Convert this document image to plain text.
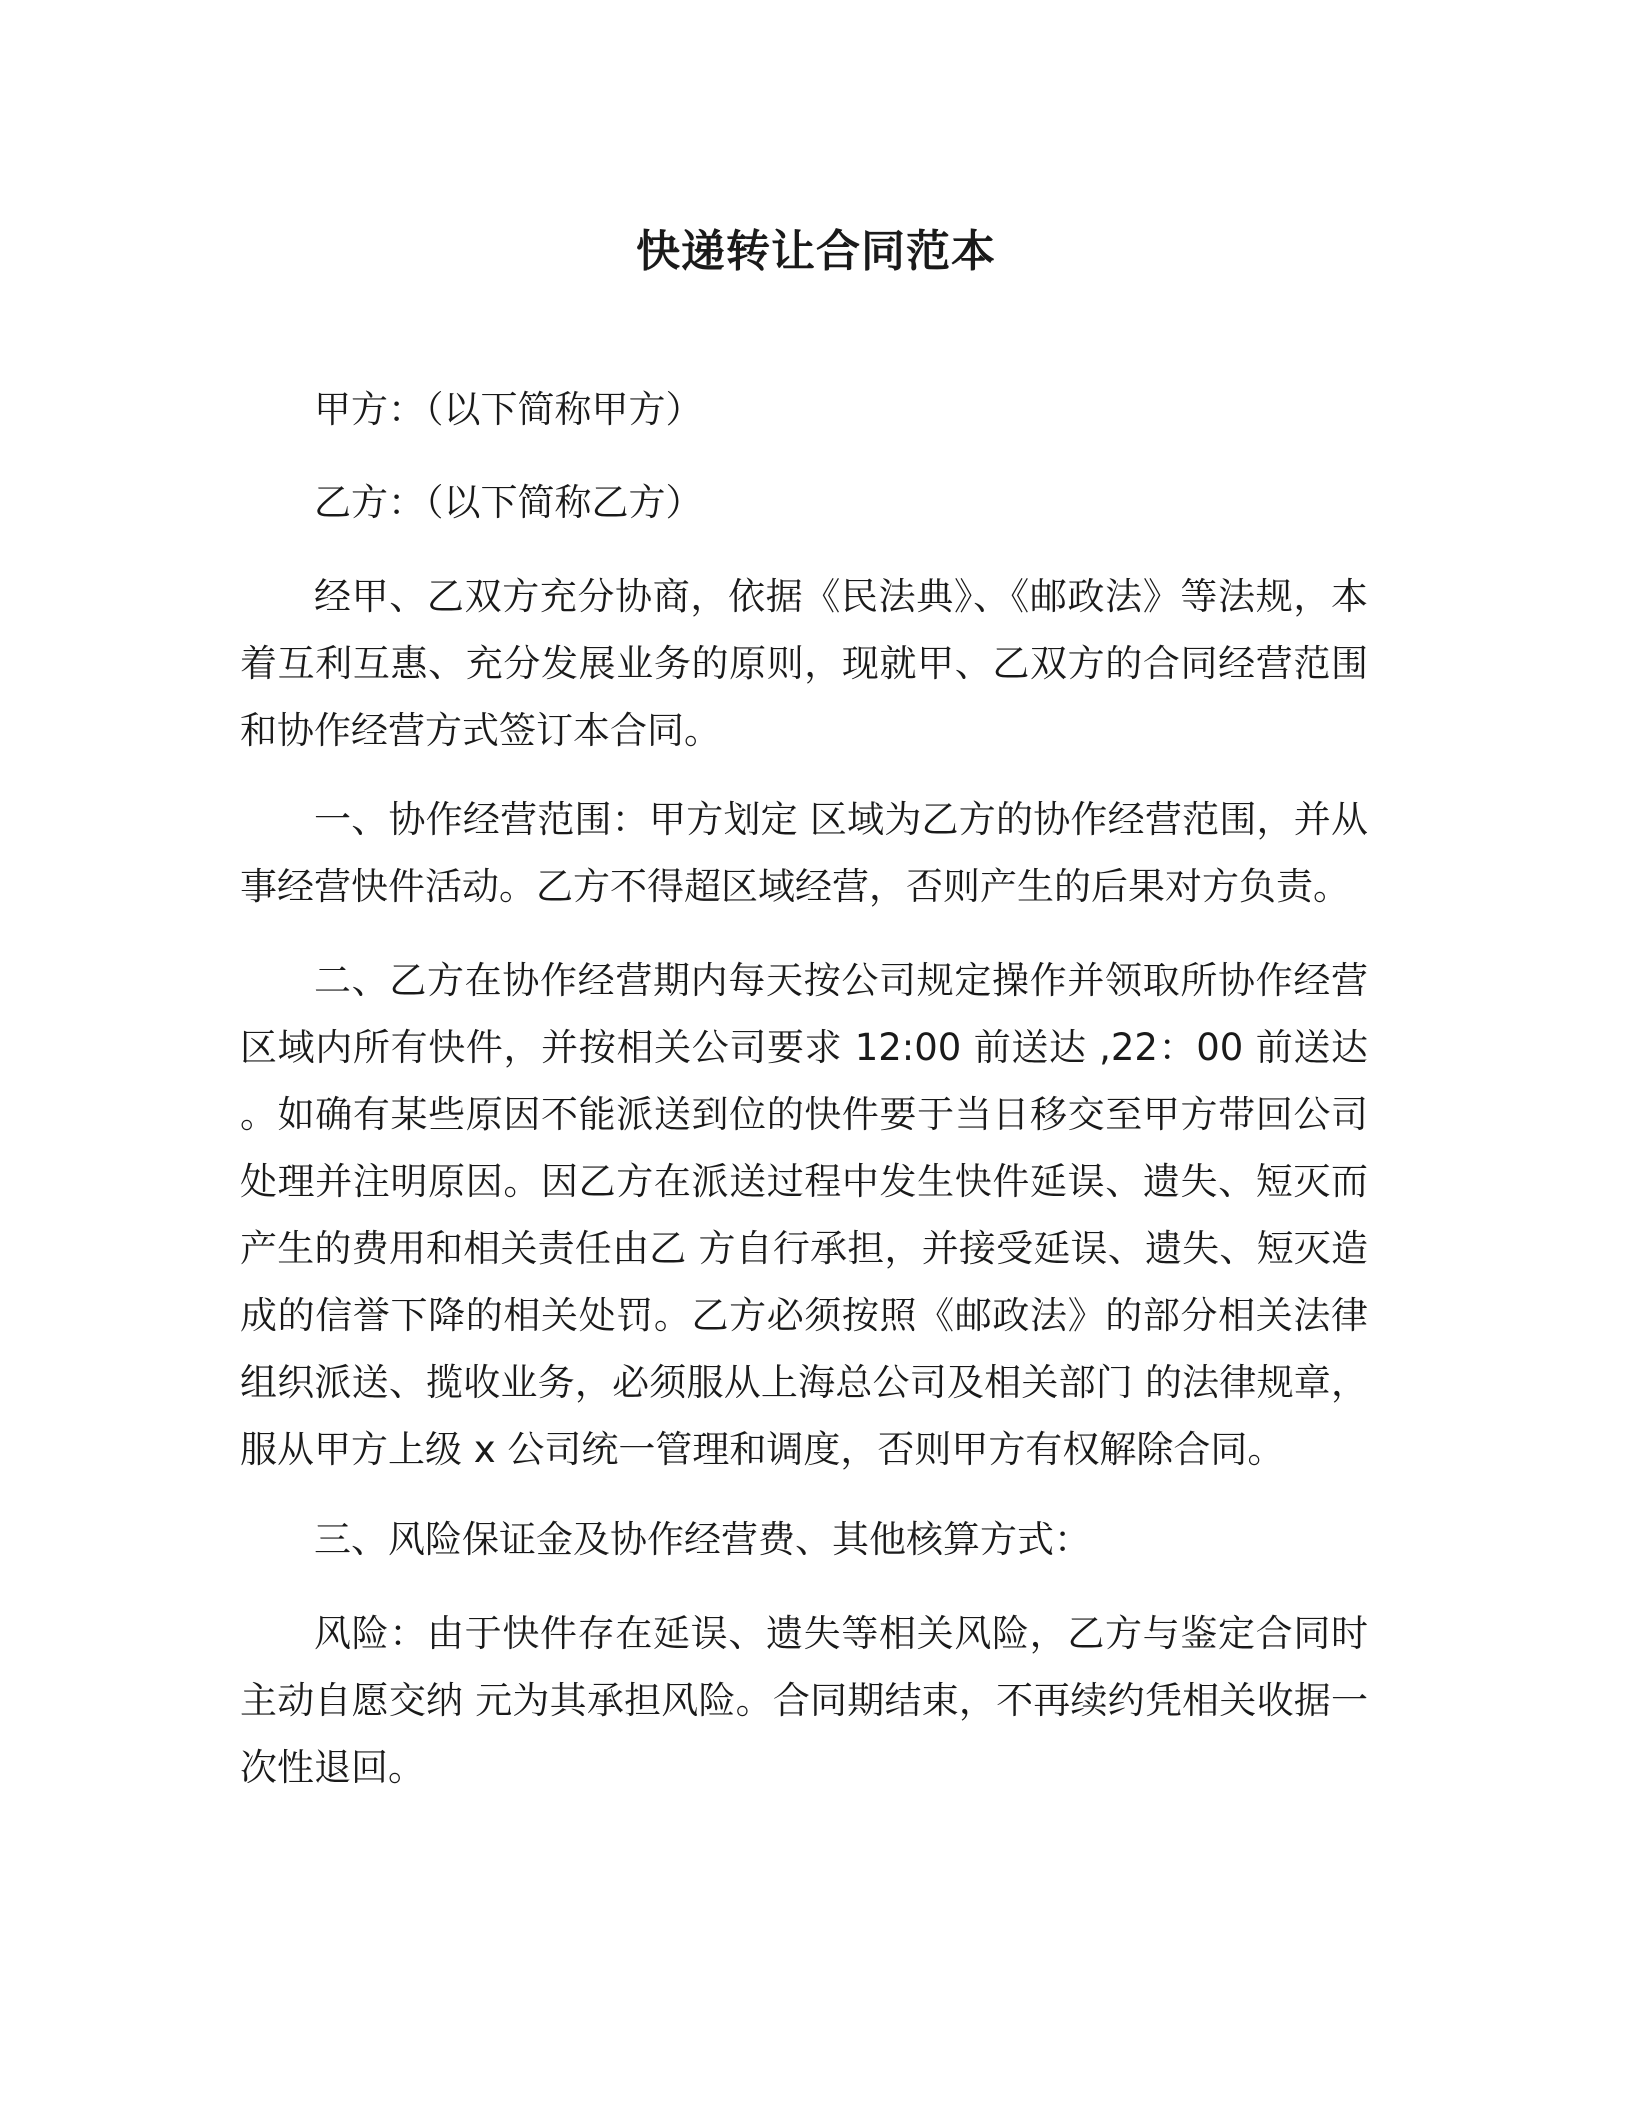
快递转让合同范本

甲方：（以下简称甲方）

乙方：（以下简称乙方）

经甲、乙双方充分协商，依据《民法典》、《邮政法》等法规，本着互利互惠、充分发展业务的原则，现就甲、乙双方的合同经营范围和协作经营方式签订本合同。

一、协作经营范围：甲方划定 区域为乙方的协作经营范围，并从事经营快件活动。乙方不得超区域经营，否则产生的后果对方负责。

二、乙方在协作经营期内每天按公司规定操作并领取所协作经营区域内所有快件，并按相关公司要求 12:00 前送达 ,22：00 前送达 。如确有某些原因不能派送到位的快件要于当日移交至甲方带回公司处理并注明原因。因乙方在派送过程中发生快件延误、遗失、短灭而产生的费用和相关责任由乙 方自行承担，并接受延误、遗失、短灭造成的信誉下降的相关处罚。乙方必须按照《邮政法》的部分相关法律组织派送、揽收业务，必须服从上海总公司及相关部门 的法律规章，服从甲方上级 x 公司统一管理和调度，否则甲方有权解除合同。

三、风险保证金及协作经营费、其他核算方式：

风险：由于快件存在延误、遗失等相关风险，乙方与鉴定合同时主动自愿交纳 元为其承担风险。合同期结束，不再续约凭相关收据一次性退回。
